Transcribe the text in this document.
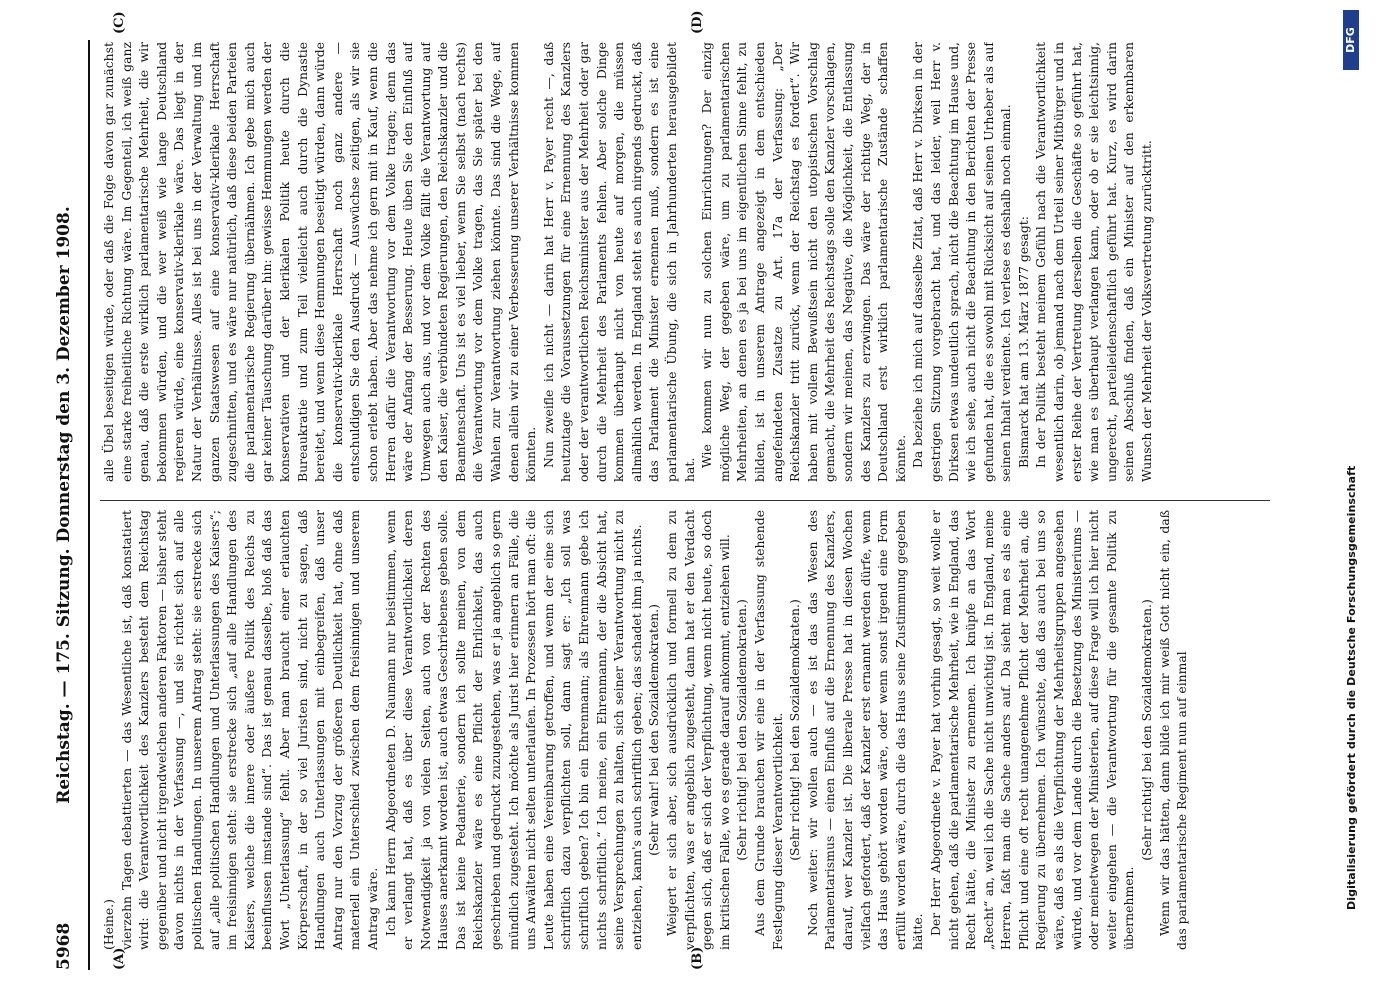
5968
Reichstag. — 175. Sitzung. Donnerstag den 3. Dezember 1908.
(A)	(B)
(C)	(D)

(Heine.) vierzehn Tagen debattierten — das Wesentliche ist, daß konstatiert wird: die Verantwortlichkeit des Kanzlers besteht dem Reichstag gegenüber und nicht irgendwelchen anderen Faktoren — bisher steht davon nichts in der Verfassung —, und sie richtet sich auf alle politischen Handlungen. In unserem Antrag steht: sie erstrecke sich auf „alle politischen Handlungen und Unterlassungen des Kaisers“; im freisinnigen steht: sie erstrecke sich „auf alle Handlungen des Kaisers, welche die innere oder äußere Politik des Reichs zu beeinflussen imstande sind“. Das ist genau dasselbe, bloß daß das Wort „Unterlassung“ fehlt. Aber man braucht einer erlauchten Körperschaft, in der so viel Juristen sind, nicht zu sagen, daß Handlungen auch Unterlassungen mit einbegreifen, daß unser Antrag nur den Vorzug der größeren Deutlichkeit hat, ohne daß materiell ein Unterschied zwischen dem freisinnigen und unserem Antrag wäre. Ich kann Herrn Abgeordneten D. Naumann nur beistimmen, wenn er verlangt hat, daß es über diese Verantwortlichkeit deren Notwendigkeit ja von vielen Seiten, auch von der Rechten des Hauses anerkannt worden ist, auch etwas Geschriebenes geben solle. Das ist keine Pedanterie, sondern ich sollte meinen, von dem Reichskanzler wäre es eine Pflicht der Ehrlichkeit, das auch geschrieben und gedruckt zuzugestehen, was er ja angeblich so gern mündlich zugesteht. Ich möchte als Jurist hier erinnern an Fälle, die uns Anwälten nicht selten unterlaufen. In Prozessen hört man oft: die Leute haben eine Vereinbarung getroffen, und wenn der eine sich schriftlich dazu verpflichten soll, dann sagt er: „Ich soll was schriftlich geben? Ich bin ein Ehrenmann; als Ehrenmann gebe ich nichts schriftlich.“ Ich meine, ein Ehrenmann, der die Absicht hat, seine Versprechungen zu halten, sich seiner Verantwortung nicht zu entziehen, kann's auch schriftlich geben; das schadet ihm ja nichts. (Sehr wahr! bei den Sozialdemokraten.) Weigert er sich aber, sich ausdrücklich und formell zu dem zu verpflichten, was er angeblich zugesteht, dann hat er den Verdacht gegen sich, daß er sich der Verpflichtung, wenn nicht heute, so doch im kritischen Falle, wo es gerade darauf ankommt, entziehen will. (Sehr richtig! bei den Sozialdemokraten.) Aus dem Grunde brauchen wir eine in der Verfassung stehende Festlegung dieser Verantwortlichkeit. (Sehr richtig! bei den Sozialdemokraten.) Noch weiter: wir wollen auch — es ist das das Wesen des Parlamentarismus — einen Einfluß auf die Ernennung des Kanzlers, darauf, wer Kanzler ist. Die liberale Presse hat in diesen Wochen vielfach gefordert, daß der Kanzler erst ernannt werden dürfe, wenn das Haus gehört worden wäre, oder wenn sonst irgend eine Form erfüllt worden wäre, durch die das Haus seine Zustimmung gegeben hätte. Der Herr Abgeordnete v. Payer hat vorhin gesagt, so weit wolle er nicht gehen, daß die parlamentarische Mehrheit, wie in England, das Recht hätte, die Minister zu ernennen. Ich knüpfe an das Wort „Recht“ an, weil ich die Sache nicht unwichtig ist. In England, meine Herren, faßt man die Sache anders auf. Da sieht man es als eine Pflicht und eine oft recht unangenehme Pflicht der Mehrheit an, die Regierung zu übernehmen. Ich wünschte, daß das auch bei uns so wäre, daß es als die Verpflichtung der Mehrheitsgruppen angesehen würde, und vor dem Lande durch die Besetzung des Ministeriums — oder meinetwegen der Ministerien, auf diese Frage will ich hier nicht weiter eingehen — die Verantwortung für die gesamte Politik zu übernehmen.

(Sehr richtig! bei den Sozialdemokraten.) Wenn wir das hätten, dann bilde ich mir weiß Gott nicht ein, daß das parlamentarische Regiment nun auf einmal

alle Übel beseitigen würde, oder daß die Folge davon gar zunächst eine starke freiheitliche Richtung wäre. Im Gegenteil, ich weiß ganz genau, daß die erste wirklich parlamentarische Mehrheit, die wir bekommen würden, und die wer weiß wie lange Deutschland regieren würde, eine konservativ-klerikale wäre. Das liegt in der Natur der Verhältnisse. Alles ist bei uns in der Verwaltung und im ganzen Staatswesen auf eine konservativ-klerikale Herrschaft zugeschnitten, und es wäre nur natürlich, daß diese beiden Parteien die parlamentarische Regierung übernähmen. Ich gebe mich auch gar keiner Täuschung darüber hin: gewisse Hemmungen werden der konservativen und der klerikalen Politik heute durch die Bureaukratie und zum Teil vielleicht auch durch die Dynastie bereitet, und wenn diese Hemmungen beseitigt würden, dann würde die konservativ-klerikale Herrschaft noch ganz andere — entschuldigen Sie den Ausdruck — Auswüchse zeitigen, als wir sie schon erlebt haben. Aber das nehme ich gern mit in Kauf, wenn die Herren dafür die Verantwortung vor dem Volke tragen; denn das wäre der Anfang der Besserung. Heute üben Sie den Einfluß auf Umwegen auch aus, und vor dem Volke fällt die Verantwortung auf den Kaiser, die verbündeten Regierungen, den Reichskanzler und die Beamtenschaft. Uns ist es viel lieber, wenn Sie selbst (nach rechts) die Verantwortung vor dem Volke tragen, das Sie später bei den Wahlen zur Verantwortung ziehen könnte. Das sind die Wege, auf denen allein wir zu einer Verbesserung unserer Verhältnisse kommen könnten. Nun zweifle ich nicht — darin hat Herr v. Payer recht —, daß heutzutage die Voraussetzungen für eine Ernennung des Kanzlers oder der verantwortlichen Reichsminister aus der Mehrheit oder gar durch die Mehrheit des Parlaments fehlen. Aber solche Dinge kommen überhaupt nicht von heute auf morgen, die müssen allmählich werden. In England steht es auch nirgends gedruckt, daß das Parlament die Minister ernennen muß, sondern es ist eine parlamentarische Übung, die sich in Jahrhunderten herausgebildet hat.

Wie kommen wir nun zu solchen Einrichtungen? Der einzig mögliche Weg, der gegeben wäre, um zu parlamentarischen Mehrheiten, an denen es ja bei uns im eigentlichen Sinne fehlt, zu bilden, ist in unserem Antrage angezeigt in dem entschieden angefeindeten Zusatze zu Art. 17a der Verfassung: „Der Reichskanzler tritt zurück, wenn der Reichstag es fordert“. Wir haben mit vollem Bewußtsein nicht den utopistischen Vorschlag gemacht, die Mehrheit des Reichstags solle den Kanzler vorschlagen, sondern wir meinen, das Negative, die Möglichkeit, die Entlassung des Kanzlers zu erzwingen. Das wäre der richtige Weg, der in Deutschland erst wirklich parlamentarische Zustände schaffen könnte. Da beziehe ich mich auf dasselbe Zitat, daß Herr v. Dirksen in der gestrigen Sitzung vorgebracht hat, und das leider, weil Herr v. Dirksen etwas undeutlich sprach, nicht die Beachtung im Hause und, wie ich sehe, auch nicht die Beachtung in den Berichten der Presse gefunden hat, die es sowohl mit Rücksicht auf seinen Urheber als auf seinen Inhalt verdiente. Ich verlese es deshalb noch einmal. Bismarck hat am 13. März 1877 gesagt: In der Politik besteht meinem Gefühl nach die Verantwortlichkeit wesentlich darin, ob jemand nach dem Urteil seiner Mitbürger und in erster Reihe der Vertretung derselben die Geschäfte so geführt hat, wie man es überhaupt verlangen kann, oder ob er sie leichtsinnig, ungerecht, parteileidenschaftlich geführt hat. Kurz, es wird darin seinen Abschluß finden, daß ein Minister auf den erkennbaren Wunsch der Mehrheit der Volksvertretung zurücktritt.

Digitalisierung gefördert durch die Deutsche Forschungsgemeinschaft
DFG
